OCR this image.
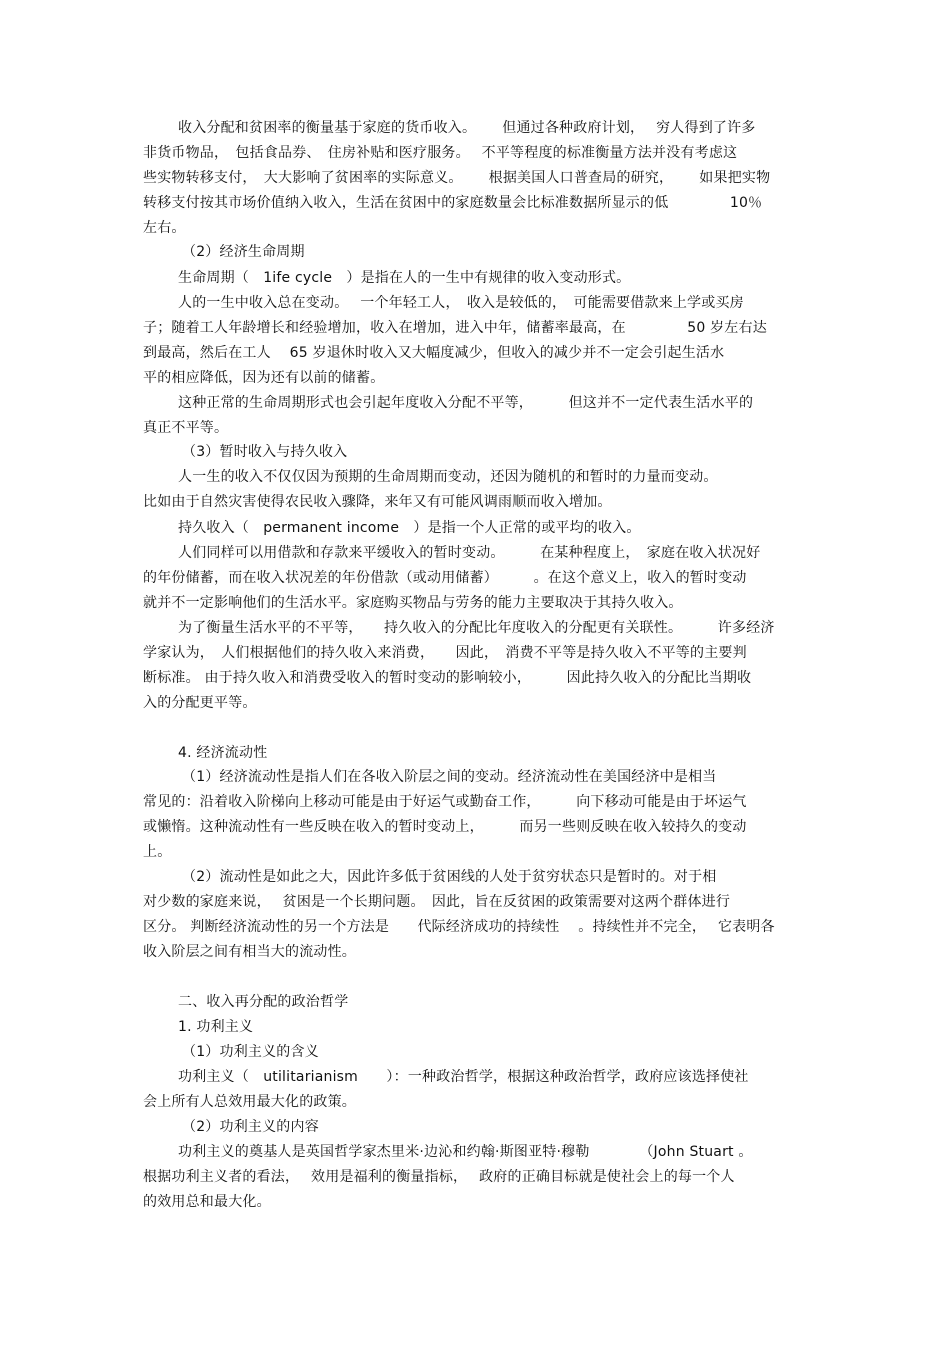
收入分配和贫困率的衡量基于家庭的货币收入。　　 但通过各种政府计划，　 穷人得到了许多
非货币物品，　包括食品券、　住房补贴和医疗服务。　 不平等程度的标准衡量方法并没有考虑这
些实物转移支付，　大大影响了贫困率的实际意义。　　 根据美国人口普查局的研究，　　 如果把实物
转移支付按其市场价值纳入收入，生活在贫困中的家庭数量会比标准数据所显示的低　　　　 10％
左右。
（2）经济生命周期
生命周期（　1ife cycle　）是指在人的一生中有规律的收入变动形式。
人的一生中收入总在变动。　 一个年轻工人，　收入是较低的，　可能需要借款来上学或买房
子；随着工人年龄增长和经验增加，收入在增加，进入中年，储蓄率最高，在　　　　 50 岁左右达
到最高，然后在工人　 65 岁退休时收入又大幅度减少，但收入的减少并不一定会引起生活水
平的相应降低，因为还有以前的储蓄。
这种正常的生命周期形式也会引起年度收入分配不平等，　　　但这并不一定代表生活水平的
真正不平等。
（3）暂时收入与持久收入
人一生的收入不仅仅因为预期的生命周期而变动，还因为随机的和暂时的力量而变动。
比如由于自然灾害使得农民收入骤降，来年又有可能风调雨顺而收入增加。
持久收入（　permanent income　）是指一个人正常的或平均的收入。
人们同样可以用借款和存款来平缓收入的暂时变动。　　　在某种程度上，　家庭在收入状况好
的年份储蓄，而在收入状况差的年份借款（或动用储蓄）　　　。在这个意义上，收入的暂时变动
就并不一定影响他们的生活水平。家庭购买物品与劳务的能力主要取决于其持久收入。
为了衡量生活水平的不平等，　　持久收入的分配比年度收入的分配更有关联性。　　　许多经济
学家认为，　人们根据他们的持久收入来消费，　　因此，　消费不平等是持久收入不平等的主要判
断标准。 由于持久收入和消费受收入的暂时变动的影响较小，　　　因此持久收入的分配比当期收
入的分配更平等。
4. 经济流动性
（1）经济流动性是指人们在各收入阶层之间的变动。经济流动性在美国经济中是相当
常见的：沿着收入阶梯向上移动可能是由于好运气或勤奋工作，　　　向下移动可能是由于坏运气
或懒惰。这种流动性有一些反映在收入的暂时变动上，　　　而另一些则反映在收入较持久的变动
上。
（2）流动性是如此之大，因此许多低于贫困线的人处于贫穷状态只是暂时的。对于相
对少数的家庭来说，　 贫困是一个长期问题。　因此，旨在反贫困的政策需要对这两个群体进行
区分。 判断经济流动性的另一个方法是　　代际经济成功的持续性　 。持续性并不完全，　 它表明各
收入阶层之间有相当大的流动性。
二、收入再分配的政治哲学
1. 功利主义
（1）功利主义的含义
功利主义（　utilitarianism　　）：一种政治哲学，根据这种政治哲学，政府应该选择使社
会上所有人总效用最大化的政策。
（2）功利主义的内容
功利主义的奠基人是英国哲学家杰里米·边沁和约翰·斯图亚特·穆勒　　　　（John Stuart 。
根据功利主义者的看法，　 效用是福利的衡量指标，　 政府的正确目标就是使社会上的每一个人
的效用总和最大化。
